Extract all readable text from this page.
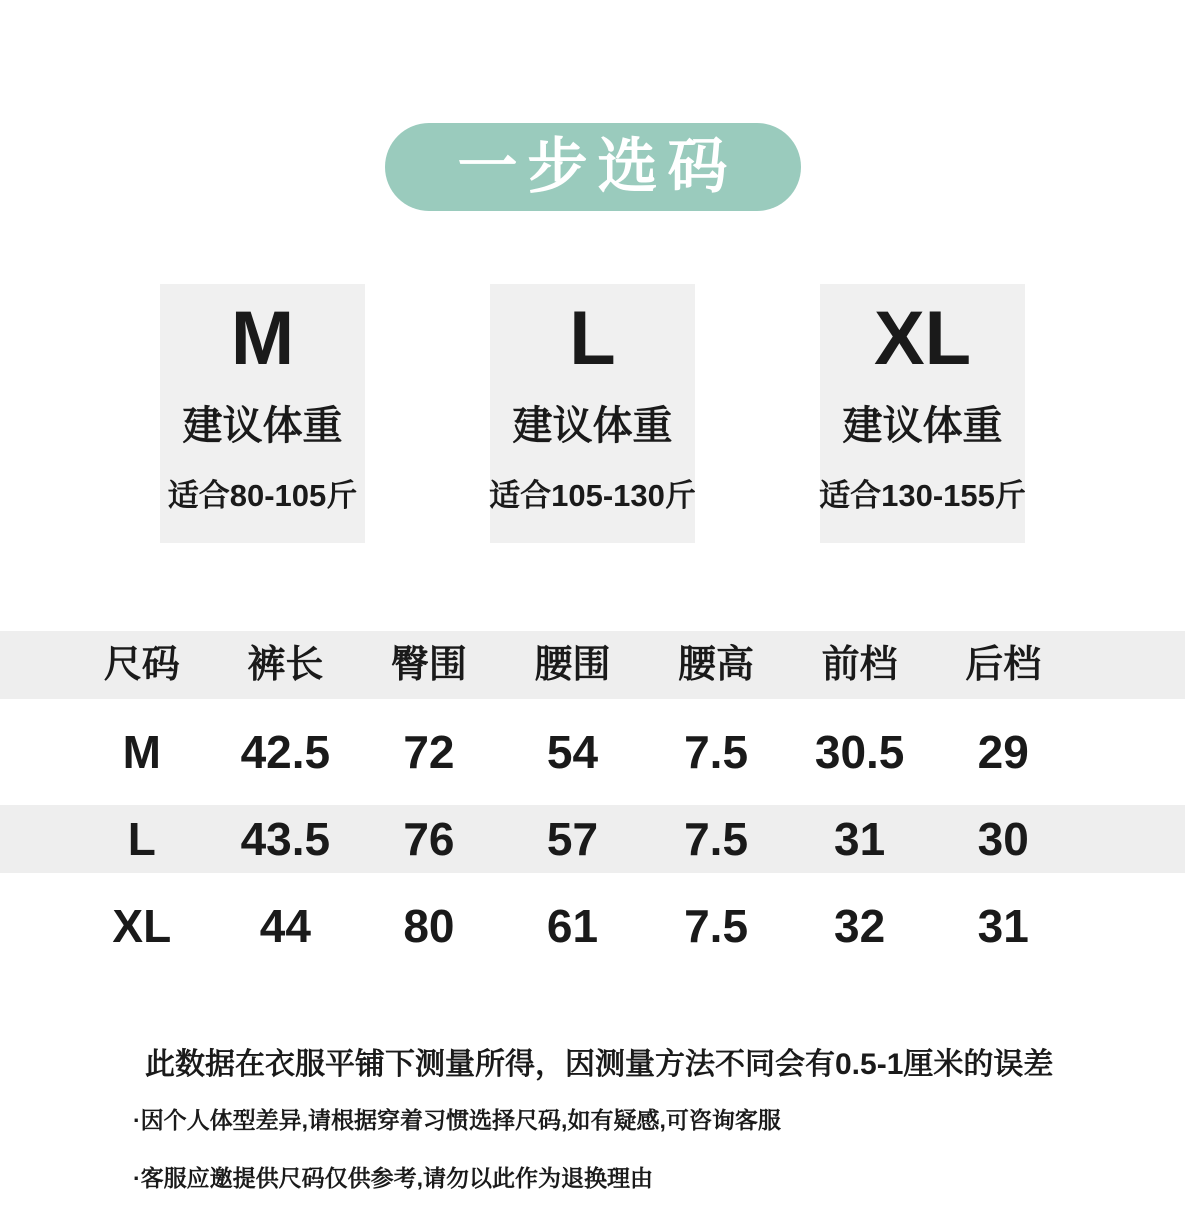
一步选码
M
建议体重
适合80-105斤
L
建议体重
适合105-130斤
XL
建议体重
适合130-155斤
尺码	裤长	臀围	腰围	腰高	前档	后档
M	42.5	72	54	7.5	30.5	29
L	43.5	76	57	7.5	31	30
XL	44	80	61	7.5	32	31
此数据在衣服平铺下测量所得，因测量方法不同会有0.5-1厘米的误差
·因个人体型差异,请根据穿着习惯选择尺码,如有疑感,可咨询客服
·客服应邀提供尺码仅供参考,请勿以此作为退换理由
